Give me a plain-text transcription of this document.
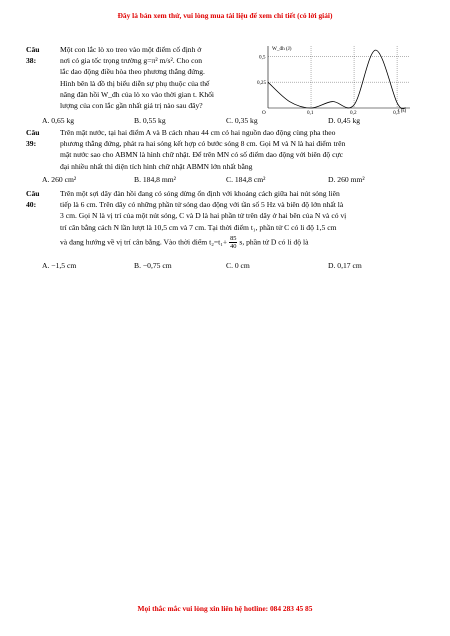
Đây là bản xem thử, vui lòng mua tài liệu để xem chi tiết (có lời giải)
Câu 38:
Một con lắc lò xo treo vào một điểm cố định ở
nơi có gia tốc trọng trường g=π² m/s². Cho con
lắc dao động điều hòa theo phương thẳng đứng.
Hình bên là đồ thị biểu diễn sự phụ thuộc của thế
năng đàn hồi W_đh của lò xo vào thời gian t. Khối
lượng của con lắc gần nhất giá trị nào sau đây?
A. 0,65 kg	B. 0,55 kg	C. 0,35 kg	D. 0,45 kg
W_đh (J)
t (s)
O
0,25
0,5
0,1	0,2	0,3
Câu 39:
Trên mặt nước, tại hai điểm A và B cách nhau 44 cm có hai nguồn dao động cùng pha theo
phương thẳng đứng, phát ra hai sóng kết hợp có bước sóng 8 cm. Gọi M và N là hai điểm trên
mặt nước sao cho ABMN là hình chữ nhật. Để trên MN có số điểm dao động với biên độ cực
đại nhiều nhất thì diện tích hình chữ nhật ABMN lớn nhất bằng
A. 260 cm²	B. 184,8 mm²	C. 184,8 cm²	D. 260 mm²
Câu 40:
Trên một sợi dây đàn hồi đang có sóng dừng ổn định với khoảng cách giữa hai nút sóng liên
tiếp là 6 cm. Trên dây có những phần tử sóng dao động với tần số 5 Hz và biên độ lớn nhất là
3 cm. Gọi N là vị trí của một nút sóng, C và D là hai phần tử trên dây ở hai bên của N và có vị
trí cân bằng cách N lần lượt là 10,5 cm và 7 cm. Tại thời điểm t₁, phần tử C có li độ 1,5 cm
và đang hướng về vị trí cân bằng. Vào thời điểm $t_2=t_1+ \frac{85}{40} s$, phần tử D có li độ là
A. −1,5 cm	B. −0,75 cm	C. 0 cm	D. 0,17 cm
Mọi thắc mắc vui lòng xin liên hệ hotline: 084 283 45 85
